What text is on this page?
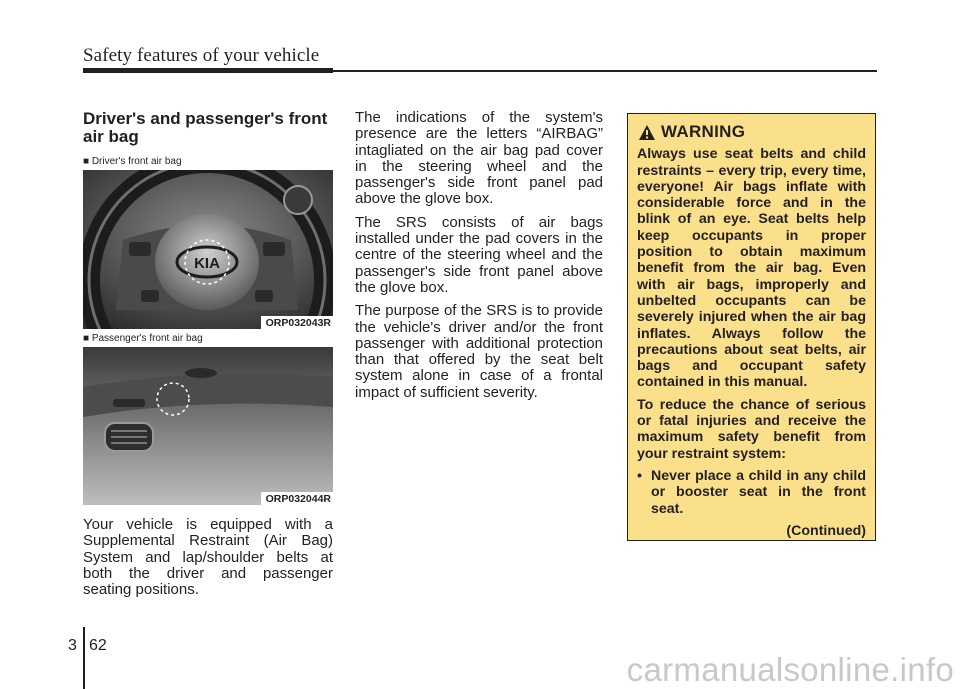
Safety features of your vehicle
Driver's and passenger's front air bag

Your vehicle is equipped with a Supplemental Restraint (Air Bag) System and lap/shoulder belts at both the driver and passenger seating positions.

■ Driver's front air bag
KIA
ORP032043R
■ Passenger's front air bag
ORP032044R

The indications of the system's presence are the letters “AIRBAG” intagliated on the air bag pad cover in the steering wheel and the passenger's side front panel pad above the glove box.

The SRS consists of air bags installed under the pad covers in the centre of the steering wheel and the passenger's side front panel above the glove box.

The purpose of the SRS is to provide the vehicle's driver and/or the front passenger with additional protection than that offered by the seat belt system alone in case of a frontal impact of sufficient severity.

WARNING

Always use seat belts and child restraints – every trip, every time, everyone! Air bags inflate with considerable force and in the blink of an eye. Seat belts help keep occupants in proper position to obtain maximum benefit from the air bag. Even with air bags, improperly and unbelted occupants can be severely injured when the air bag inflates. Always follow the precautions about seat belts, air bags and occupant safety contained in this manual.

To reduce the chance of serious or fatal injuries and receive the maximum safety benefit from your restraint system:

• Never place a child in any child or booster seat in the front seat.
(Continued)
3 62
carmanualsonline.info
